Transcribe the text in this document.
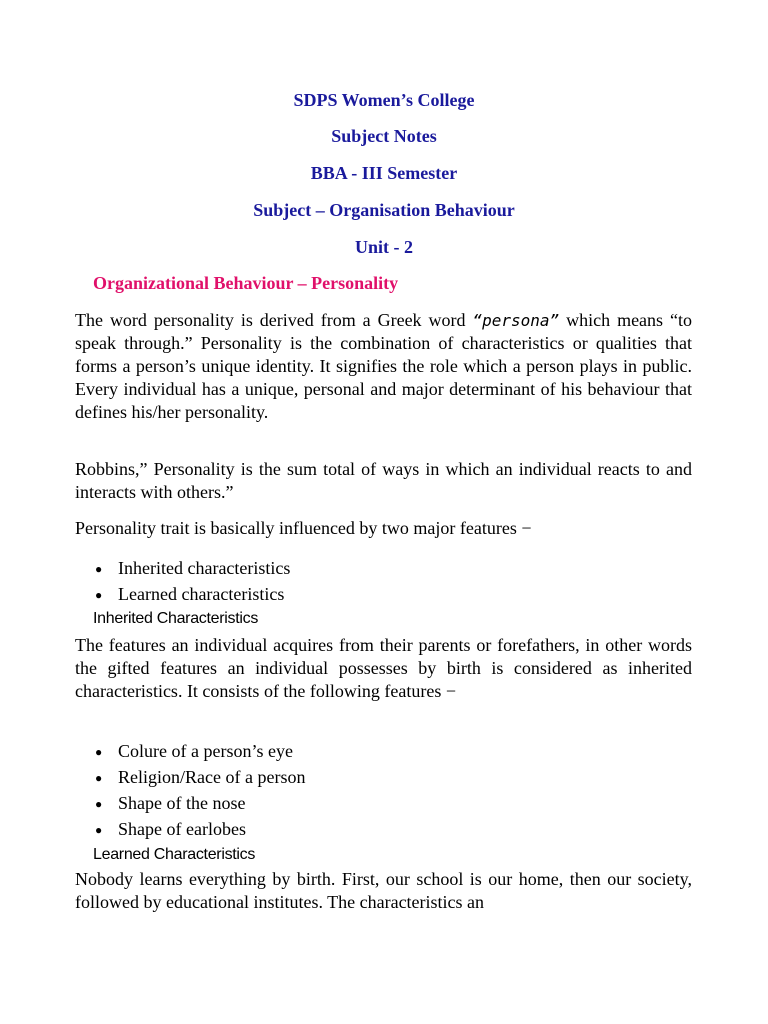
SDPS Women’s College
Subject Notes
BBA - III Semester
Subject – Organisation Behaviour
Unit - 2
Organizational Behaviour – Personality

The word personality is derived from a Greek word “persona” which means “to speak through.” Personality is the combination of characteristics or qualities that forms a person’s unique identity. It signifies the role which a person plays in public. Every individual has a unique, personal and major determinant of his behaviour that defines his/her personality.

Robbins,” Personality is the sum total of ways in which an individual reacts to and interacts with others.”

Personality trait is basically influenced by two major features −

● Inherited characteristics
● Learned characteristics
Inherited Characteristics

The features an individual acquires from their parents or forefathers, in other words the gifted features an individual possesses by birth is considered as inherited characteristics. It consists of the following features −

● Colure of a person’s eye
● Religion/Race of a person
● Shape of the nose
● Shape of earlobes
Learned Characteristics

Nobody learns everything by birth. First, our school is our home, then our society, followed by educational institutes. The characteristics an
